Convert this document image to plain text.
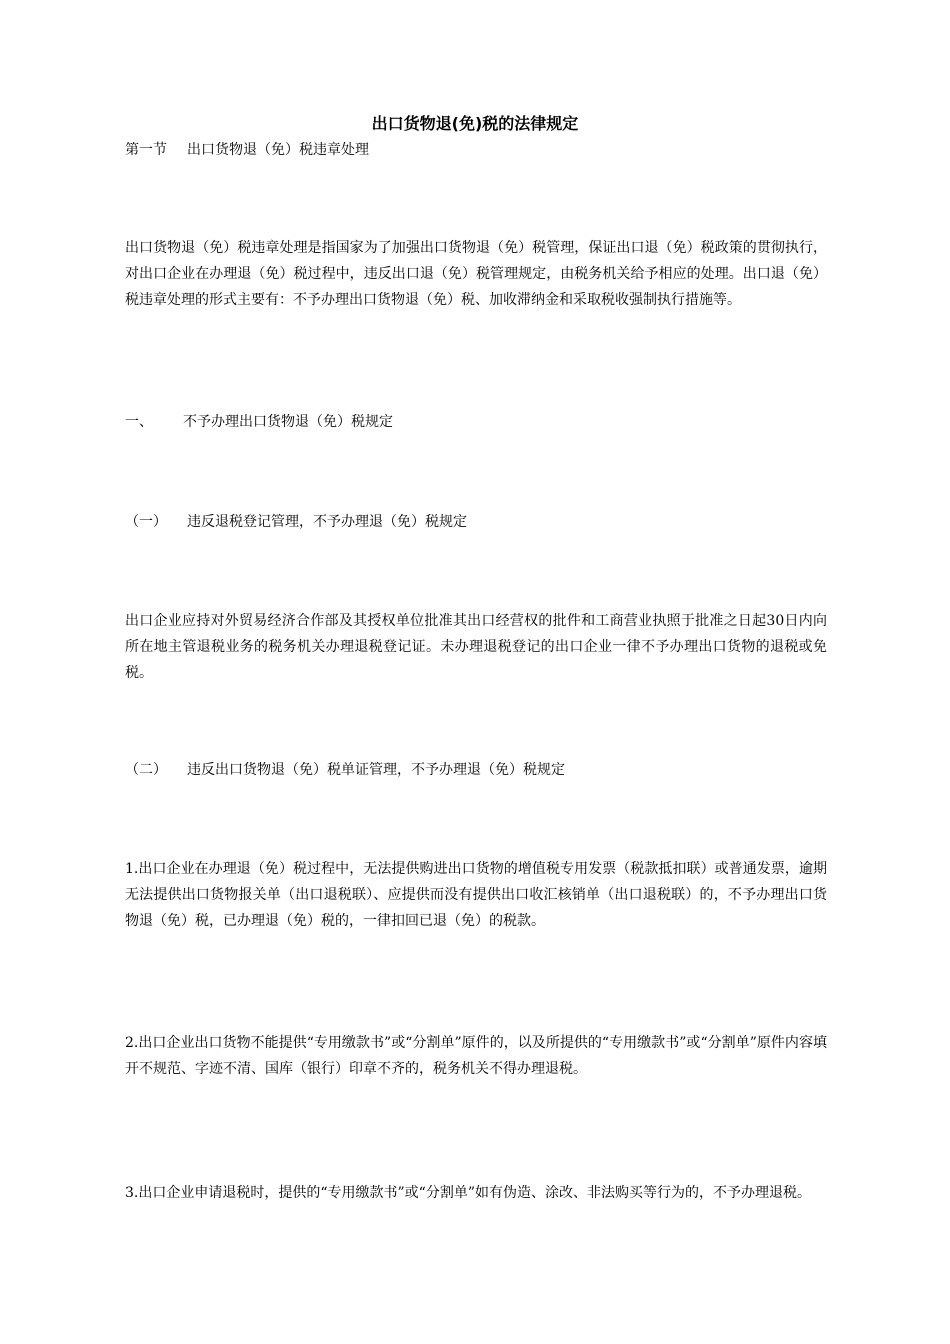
出口货物退(免)税的法律规定
第一节 出口货物退（免）税违章处理
出口货物退（免）税违章处理是指国家为了加强出口货物退（免）税管理，保证出口退（免）税政策的贯彻执行，对出口企业在办理退（免）税过程中，违反出口退（免）税管理规定，由税务机关给予相应的处理。出口退（免）税违章处理的形式主要有：不予办理出口货物退（免）税、加收滞纳金和采取税收强制执行措施等。
一、 不予办理出口货物退（免）税规定
（一） 违反退税登记管理，不予办理退（免）税规定
出口企业应持对外贸易经济合作部及其授权单位批准其出口经营权的批件和工商营业执照于批准之日起30日内向所在地主管退税业务的税务机关办理退税登记证。未办理退税登记的出口企业一律不予办理出口货物的退税或免税。
（二） 违反出口货物退（免）税单证管理，不予办理退（免）税规定
1.出口企业在办理退（免）税过程中，无法提供购进出口货物的增值税专用发票（税款抵扣联）或普通发票，逾期无法提供出口货物报关单（出口退税联）、应提供而没有提供出口收汇核销单（出口退税联）的，不予办理出口货物退（免）税，已办理退（免）税的，一律扣回已退（免）的税款。
2.出口企业出口货物不能提供“专用缴款书”或“分割单”原件的，以及所提供的“专用缴款书”或“分割单”原件内容填开不规范、字迹不清、国库（银行）印章不齐的，税务机关不得办理退税。
3.出口企业申请退税时，提供的“专用缴款书”或“分割单”如有伪造、涂改、非法购买等行为的，不予办理退税。
